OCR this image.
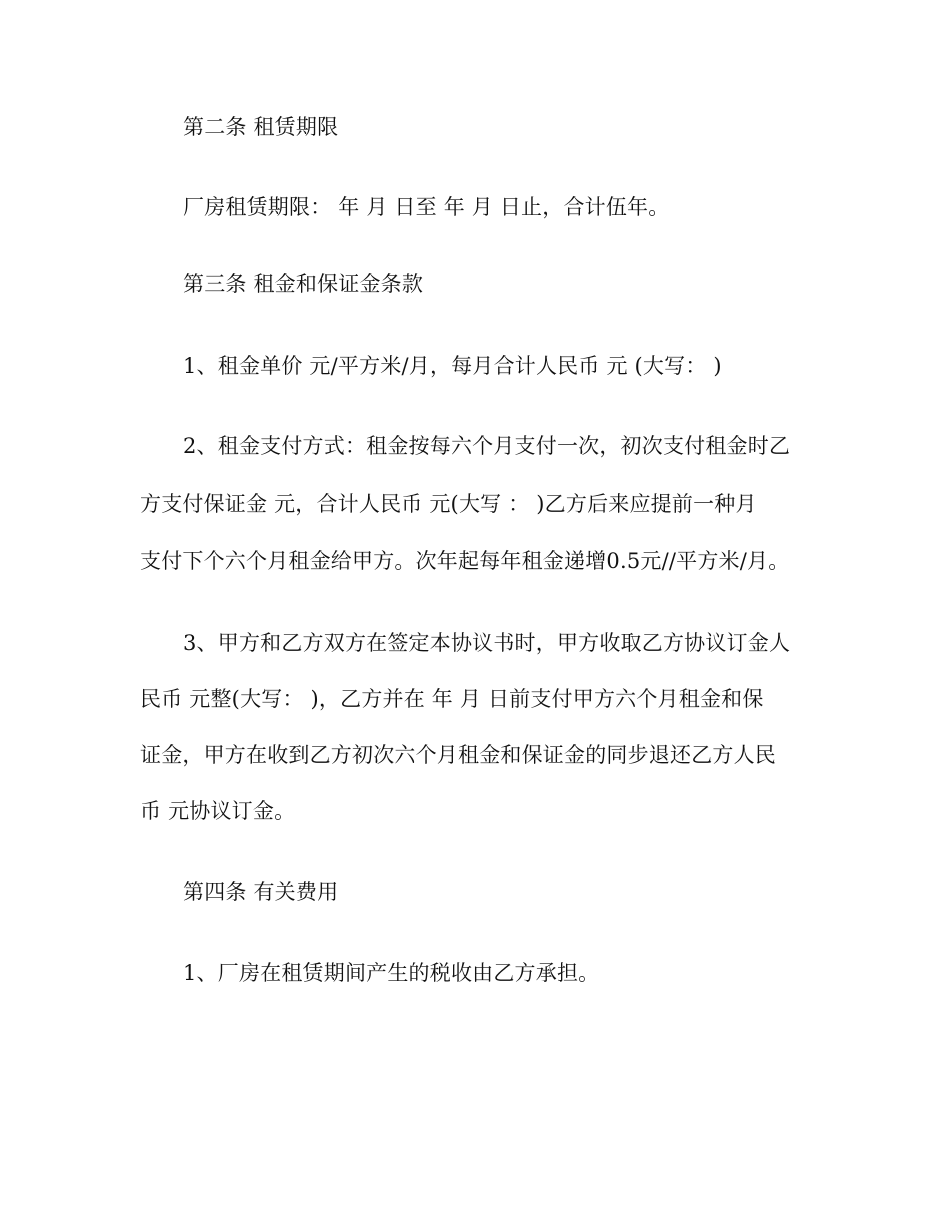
第二条 租赁期限
厂房租赁期限： 年 月 日至 年 月 日止，合计伍年。
第三条 租金和保证金条款
1、租金单价 元/平方米/月，每月合计人民币 元 (大写： )
2、租金支付方式：租金按每六个月支付一次，初次支付租金时乙
方支付保证金 元，合计人民币 元(大写 ： )乙方后来应提前一种月
支付下个六个月租金给甲方。次年起每年租金递增0.5元//平方米/月。
3、甲方和乙方双方在签定本协议书时，甲方收取乙方协议订金人
民币 元整(大写： )，乙方并在 年 月 日前支付甲方六个月租金和保
证金，甲方在收到乙方初次六个月租金和保证金的同步退还乙方人民
币 元协议订金。
第四条 有关费用
1、厂房在租赁期间产生的税收由乙方承担。
